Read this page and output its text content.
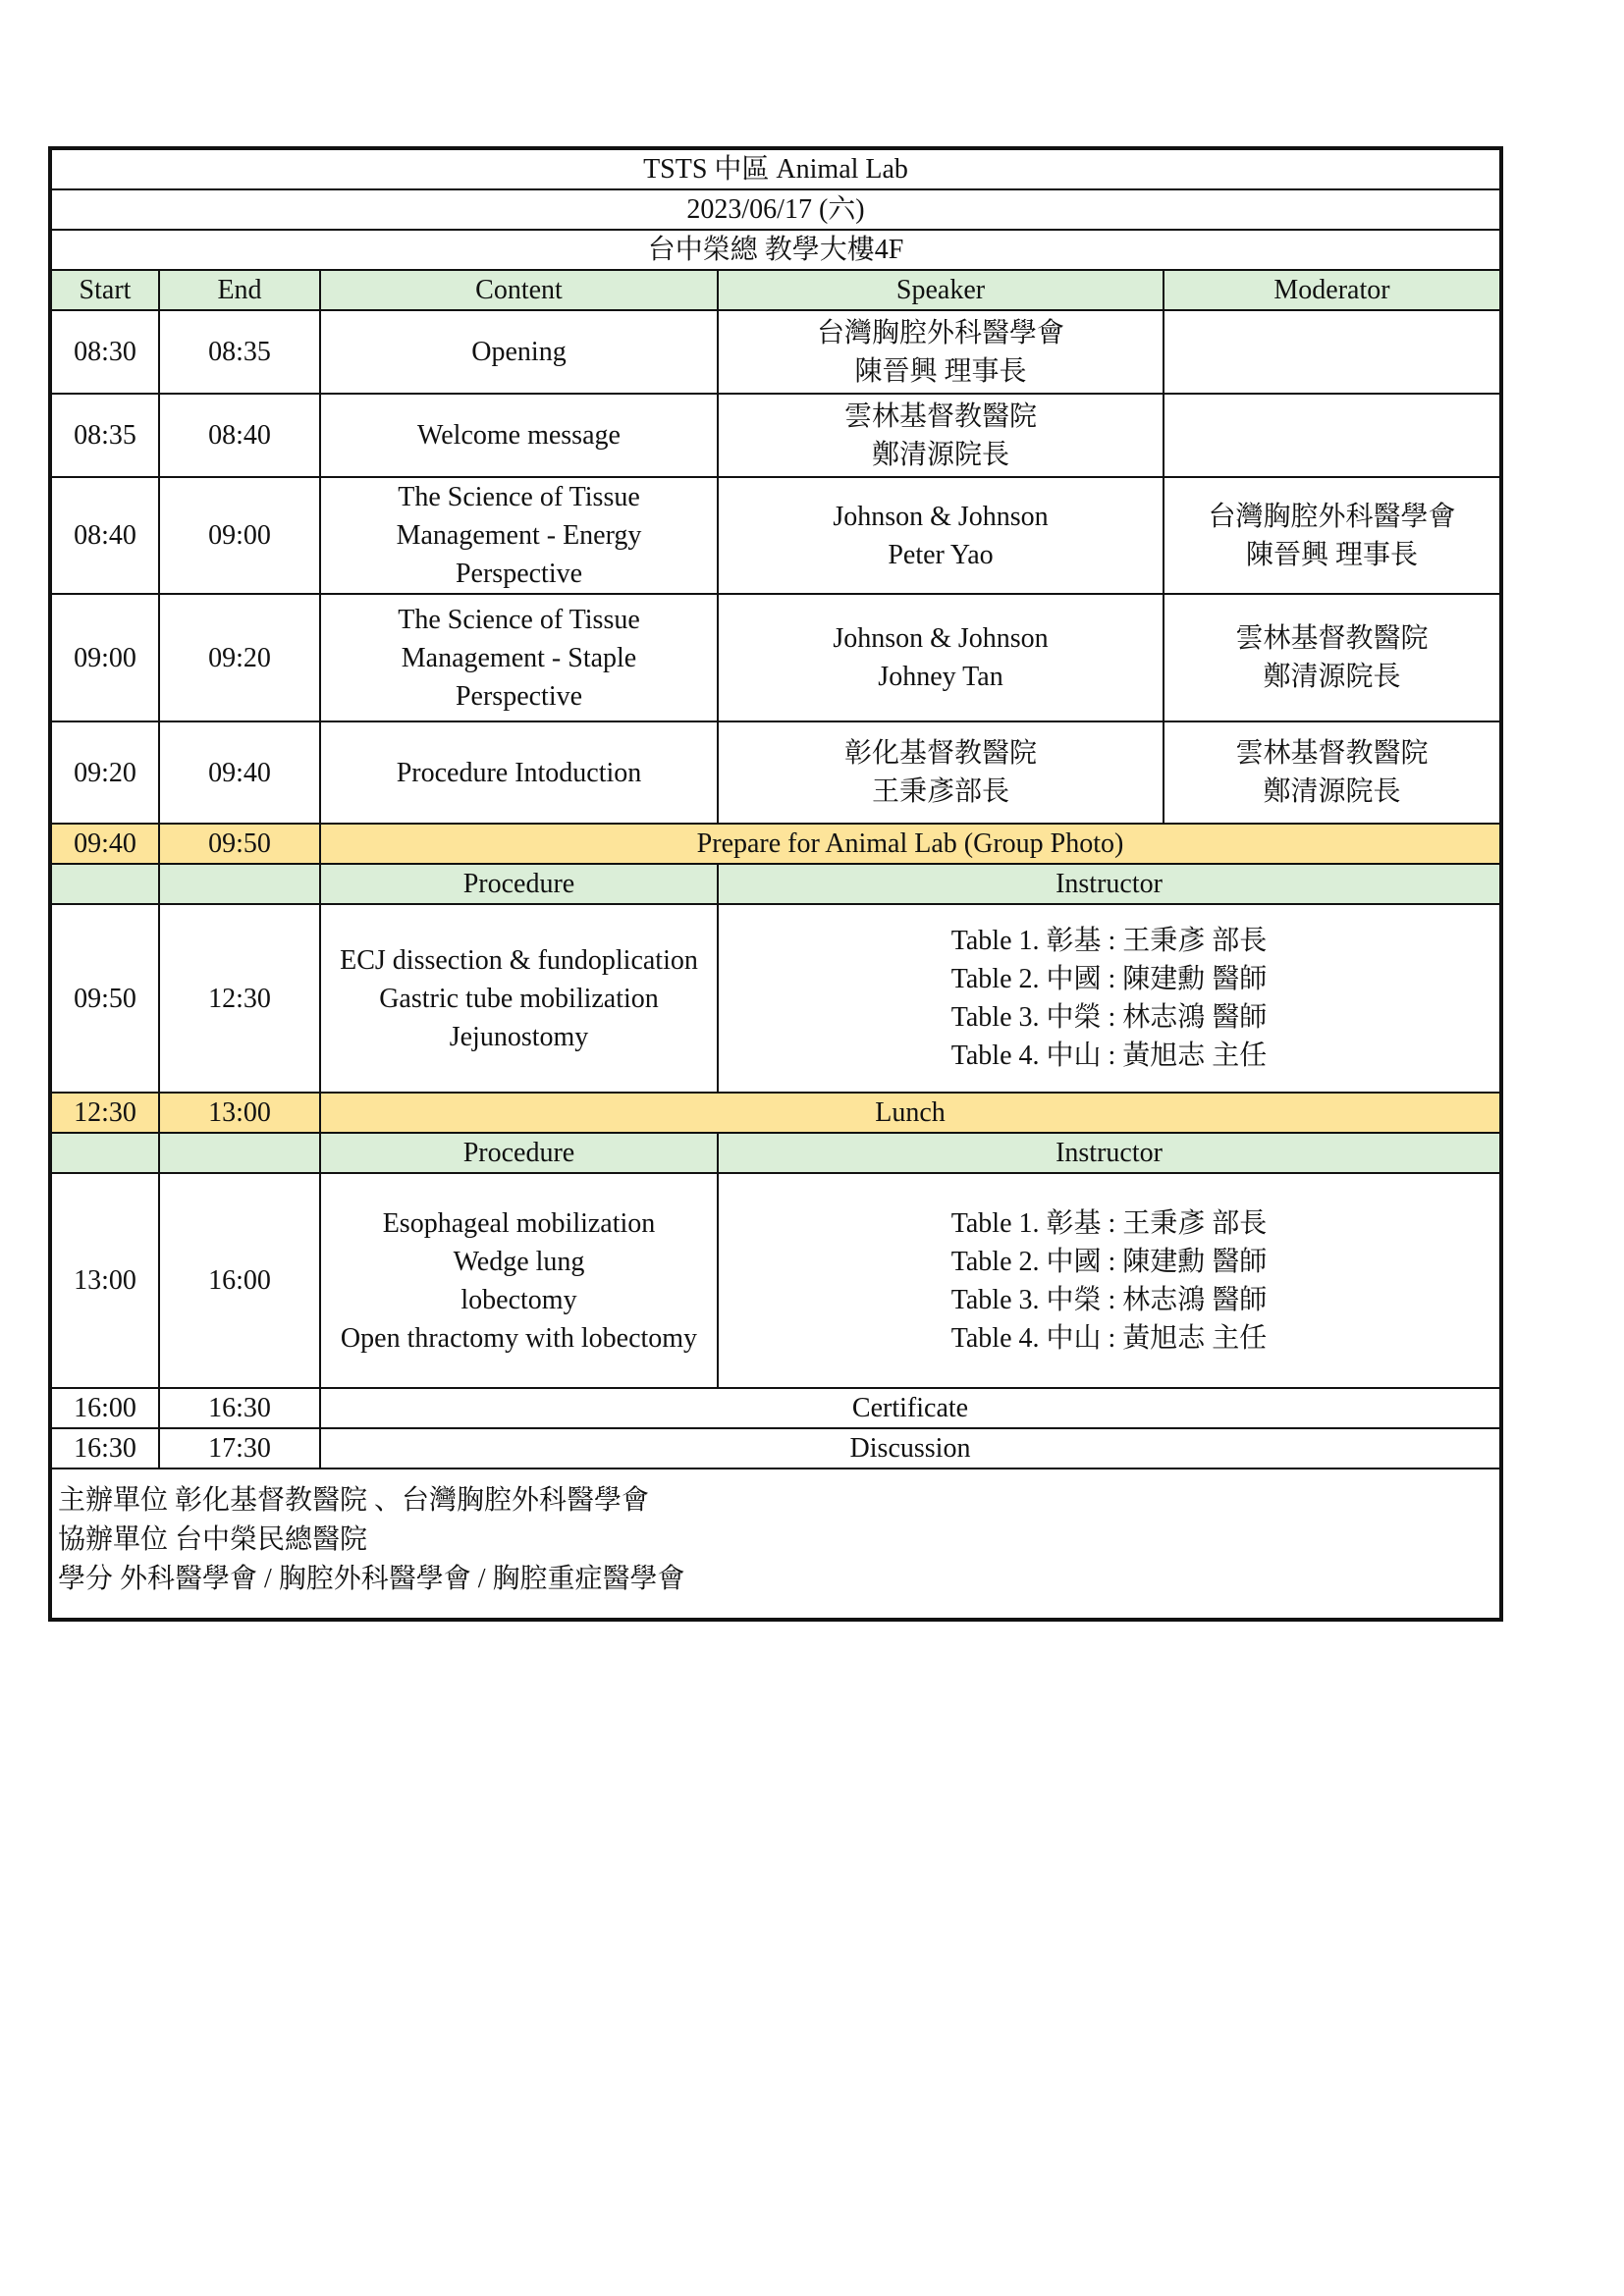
TSTS 中區 Animal Lab				
2023/06/17 (六)				
台中榮總 教學大樓4F				
Start	End	Content	Speaker	Moderator
08:30	08:35	Opening	台灣胸腔外科醫學會
陳晉興 理事長	

08:35	08:40	Welcome message	雲林基督教醫院
鄭清源院長	

08:40	09:00	The Science of Tissue
Management - Energy
Perspective	Johnson & Johnson
Peter Yao	台灣胸腔外科醫學會
陳晉興 理事長

09:00	09:20	The Science of Tissue
Management - Staple
Perspective	Johnson & Johnson
Johney Tan	雲林基督教醫院
鄭清源院長

09:20	09:40	Procedure Intoduction	彰化基督教醫院
王秉彥部長	雲林基督教醫院
鄭清源院長

09:40	09:50	Prepare for Animal Lab (Group Photo)		
		Procedure	Instructor	
09:50	12:30	ECJ dissection & fundoplication
Gastric tube mobilization
Jejunostomy	Table 1. 彰基 : 王秉彥 部長
Table 2. 中國 : 陳建勳 醫師
Table 3. 中榮 : 林志鴻 醫師
Table 4. 中山 : 黃旭志 主任	

12:30	13:00	Lunch		
		Procedure	Instructor	
13:00	16:00	Esophageal mobilization
Wedge lung
lobectomy
Open thractomy with lobectomy	Table 1. 彰基 : 王秉彥 部長
Table 2. 中國 : 陳建勳 醫師
Table 3. 中榮 : 林志鴻 醫師
Table 4. 中山 : 黃旭志 主任	

16:00	16:30	Certificate		
16:30	17:30	Discussion		

主辦單位 彰化基督教醫院 、台灣胸腔外科醫學會
協辦單位 台中榮民總醫院
學分 外科醫學會 / 胸腔外科醫學會 / 胸腔重症醫學會				
